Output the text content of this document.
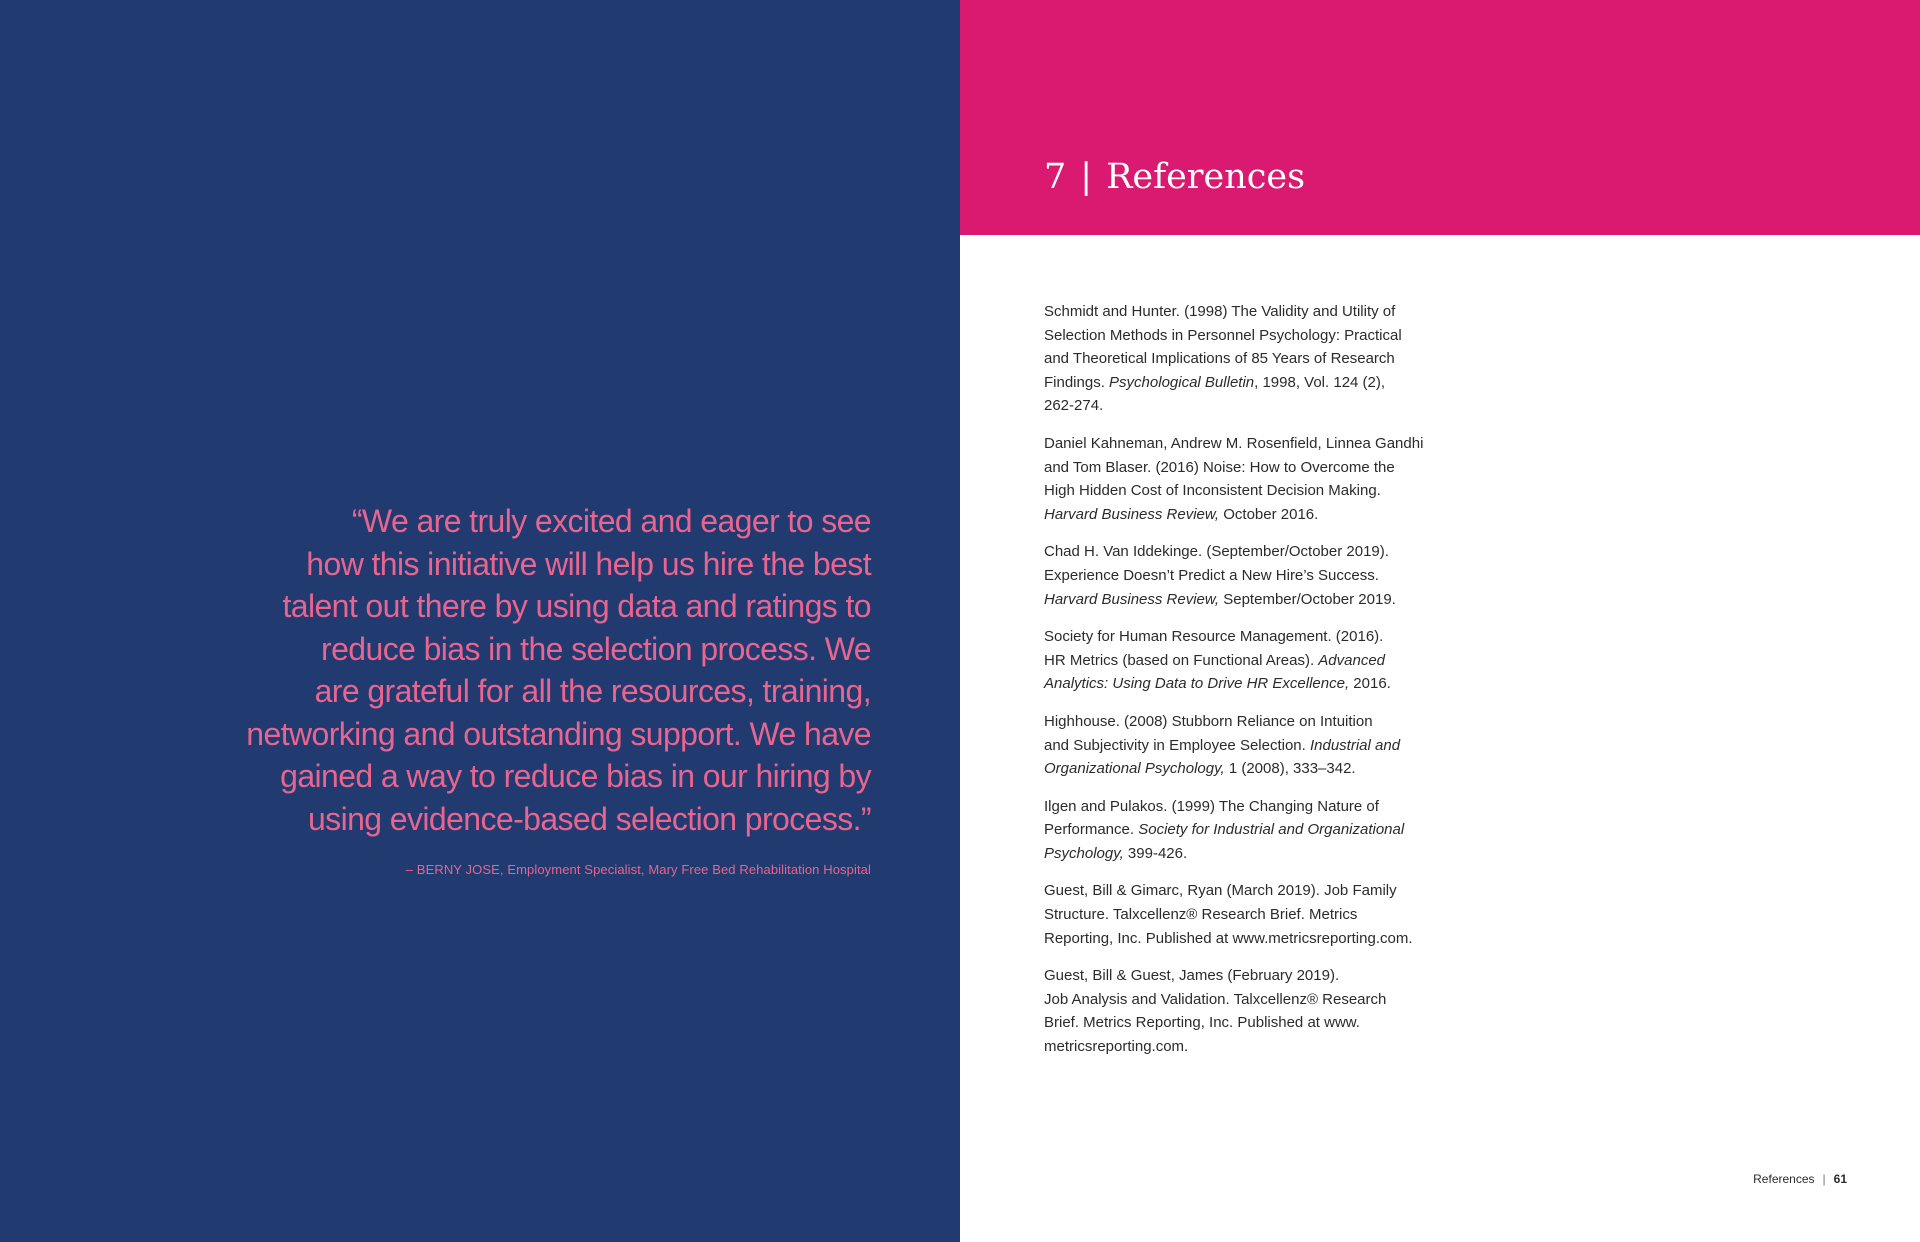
“We are truly excited and eager to see
how this initiative will help us hire the best
talent out there by using data and ratings to
reduce bias in the selection process. We
are grateful for all the resources, training,
networking and outstanding support. We have
gained a way to reduce bias in our hiring by
using evidence-based selection process.”

– BERNY JOSE, Employment Specialist, Mary Free Bed Rehabilitation Hospital
7 | References
Schmidt and Hunter. (1998) The Validity and Utility of
Selection Methods in Personnel Psychology: Practical
and Theoretical Implications of 85 Years of Research
Findings. Psychological Bulletin, 1998, Vol. 124 (2),
262-274.
Daniel Kahneman, Andrew M. Rosenfield, Linnea Gandhi
and Tom Blaser. (2016) Noise: How to Overcome the
High Hidden Cost of Inconsistent Decision Making.
Harvard Business Review, October 2016.
Chad H. Van Iddekinge. (September/October 2019).
Experience Doesn’t Predict a New Hire’s Success.
Harvard Business Review, September/October 2019.
Society for Human Resource Management. (2016).
HR Metrics (based on Functional Areas). Advanced
Analytics: Using Data to Drive HR Excellence, 2016.
Highhouse. (2008) Stubborn Reliance on Intuition
and Subjectivity in Employee Selection. Industrial and
Organizational Psychology, 1 (2008), 333–342.
Ilgen and Pulakos. (1999) The Changing Nature of
Performance. Society for Industrial and Organizational
Psychology, 399-426.
Guest, Bill & Gimarc, Ryan (March 2019). Job Family
Structure. Talxcellenz® Research Brief. Metrics
Reporting, Inc. Published at www.metricsreporting.com.
Guest, Bill & Guest, James (February 2019).
Job Analysis and Validation. Talxcellenz® Research
Brief. Metrics Reporting, Inc. Published at www.
metricsreporting.com.
References | 61
